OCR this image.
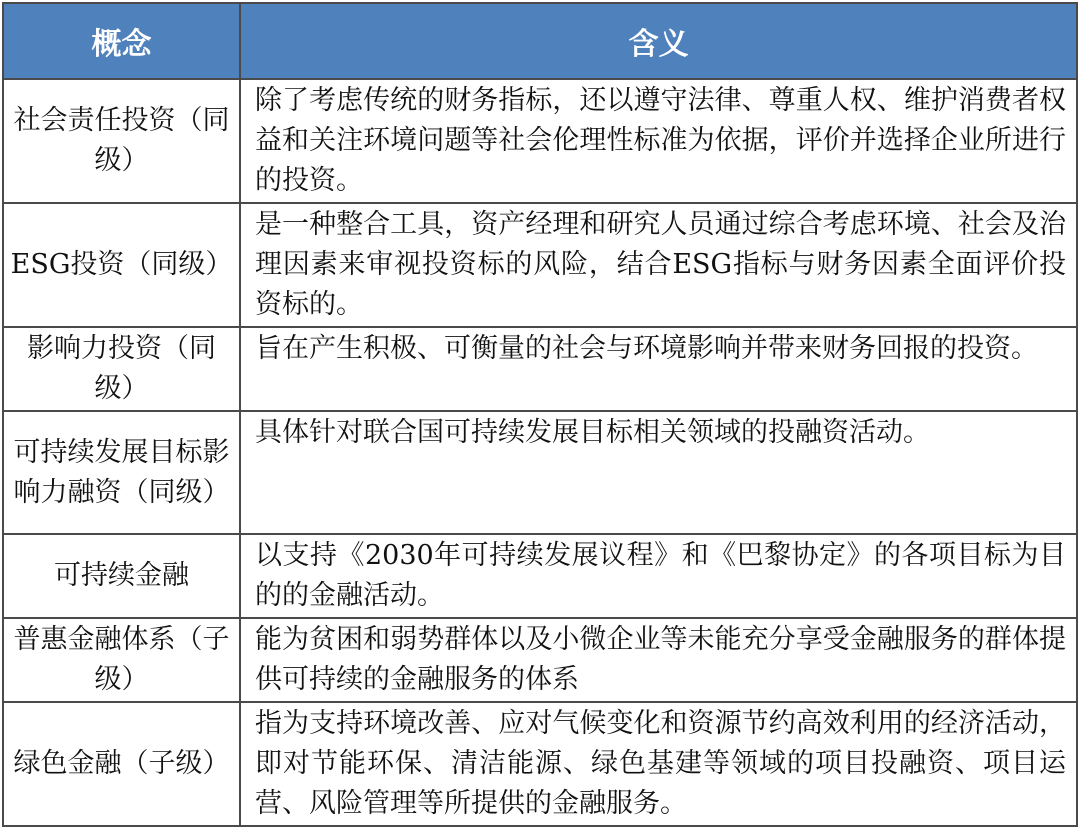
概念	含义
社会责任投资（同级）	除了考虑传统的财务指标，还以遵守法律、尊重人权、维护消费者权益和关注环境问题等社会伦理性标准为依据，评价并选择企业所进行的投资。
ESG投资（同级）	是一种整合工具，资产经理和研究人员通过综合考虑环境、社会及治理因素来审视投资标的风险，结合ESG指标与财务因素全面评价投资标的。
影响力投资（同级）	旨在产生积极、可衡量的社会与环境影响并带来财务回报的投资。
可持续发展目标影响力融资（同级）	具体针对联合国可持续发展目标相关领域的投融资活动。
可持续金融	以支持《2030年可持续发展议程》和《巴黎协定》的各项目标为目的的金融活动。
普惠金融体系（子级）	能为贫困和弱势群体以及小微企业等未能充分享受金融服务的群体提供可持续的金融服务的体系
绿色金融（子级）	指为支持环境改善、应对气候变化和资源节约高效利用的经济活动，即对节能环保、清洁能源、绿色基建等领域的项目投融资、项目运营、风险管理等所提供的金融服务。
